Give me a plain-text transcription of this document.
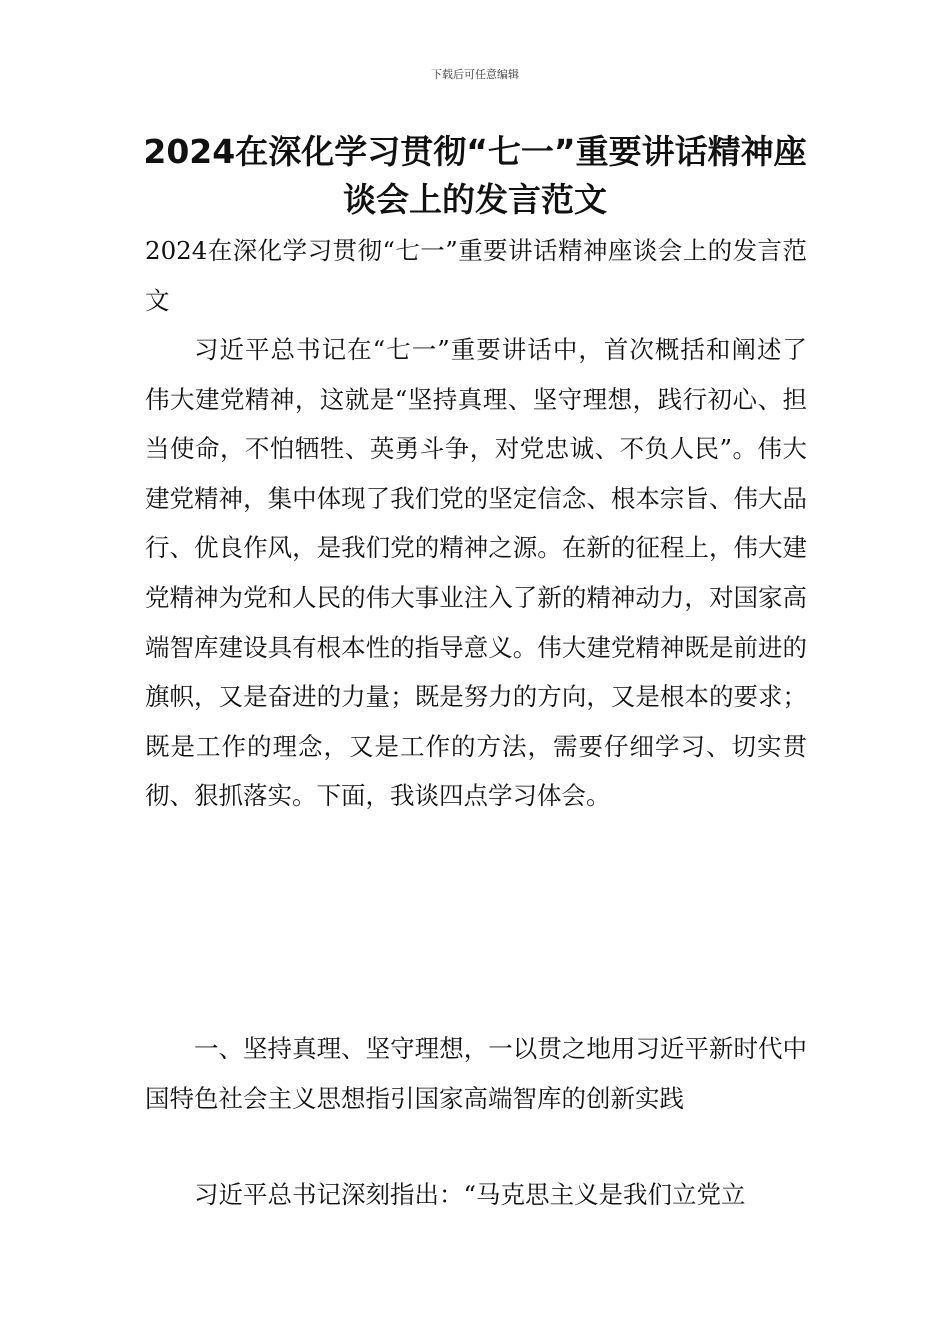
下载后可任意编辑
2024在深化学习贯彻“七一”重要讲话精神座谈会上的发言范文

2024在深化学习贯彻“七一”重要讲话精神座谈会上的发言范文

习近平总书记在“七一”重要讲话中，首次概括和阐述了伟大建党精神，这就是“坚持真理、坚守理想，践行初心、担当使命，不怕牺牲、英勇斗争，对党忠诚、不负人民”。伟大建党精神，集中体现了我们党的坚定信念、根本宗旨、伟大品行、优良作风，是我们党的精神之源。在新的征程上，伟大建党精神为党和人民的伟大事业注入了新的精神动力，对国家高端智库建设具有根本性的指导意义。伟大建党精神既是前进的旗帜，又是奋进的力量；既是努力的方向，又是根本的要求；既是工作的理念，又是工作的方法，需要仔细学习、切实贯彻、狠抓落实。下面，我谈四点学习体会。

一、坚持真理、坚守理想，一以贯之地用习近平新时代中国特色社会主义思想指引国家高端智库的创新实践

习近平总书记深刻指出：“马克思主义是我们立党立
